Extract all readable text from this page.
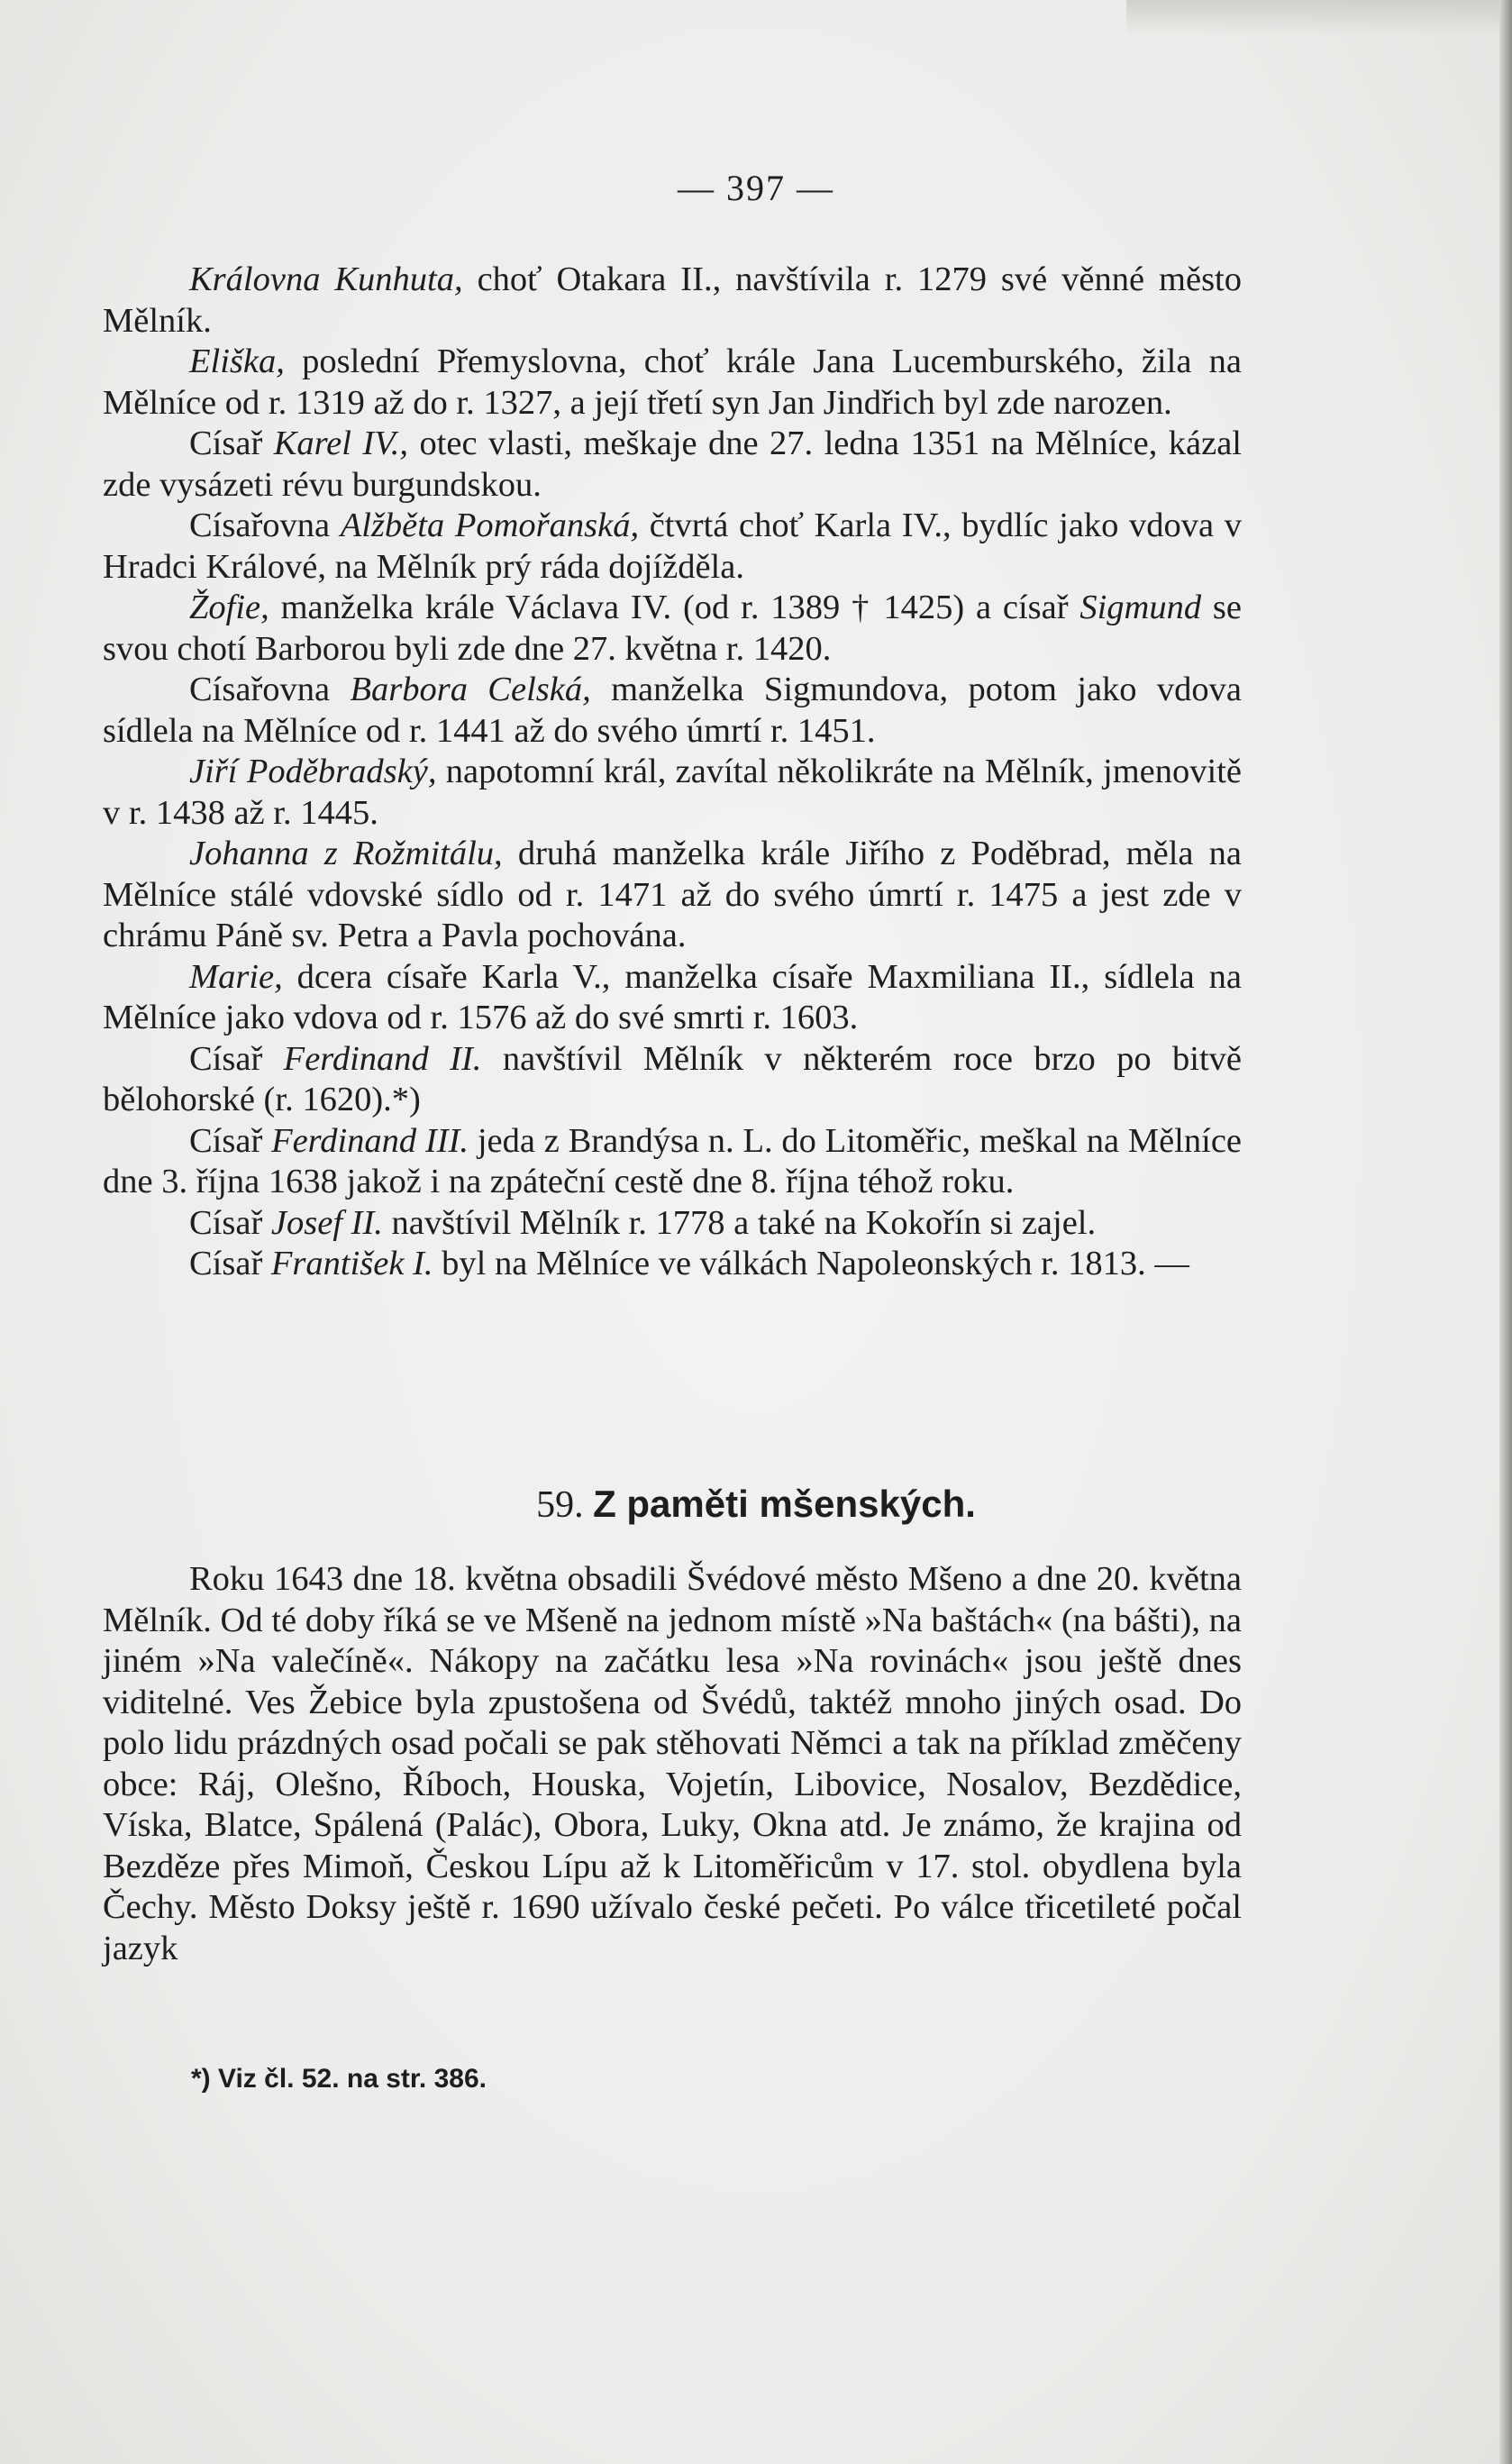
— 397 —

Královna Kunhuta, choť Otakara II., navštívila r. 1279 své věnné město Mělník.

Eliška, poslední Přemyslovna, choť krále Jana Lucemburského, žila na Mělníce od r. 1319 až do r. 1327, a její třetí syn Jan Jindřich byl zde narozen.

Císař Karel IV., otec vlasti, meškaje dne 27. ledna 1351 na Mělníce, kázal zde vysázeti révu burgundskou.

Císařovna Alžběta Pomořanská, čtvrtá choť Karla IV., bydlíc jako vdova v Hradci Králové, na Mělník prý ráda dojížděla.

Žofie, manželka krále Václava IV. (od r. 1389 † 1425) a císař Sigmund se svou chotí Barborou byli zde dne 27. května r. 1420.

Císařovna Barbora Celská, manželka Sigmundova, potom jako vdova sídlela na Mělníce od r. 1441 až do svého úmrtí r. 1451.

Jiří Poděbradský, napotomní král, zavítal několikráte na Mělník, jmenovitě v r. 1438 až r. 1445.

Johanna z Rožmitálu, druhá manželka krále Jiřího z Poděbrad, měla na Mělníce stálé vdovské sídlo od r. 1471 až do svého úmrtí r. 1475 a jest zde v chrámu Páně sv. Petra a Pavla pochována.

Marie, dcera císaře Karla V., manželka císaře Maxmiliana II., sídlela na Mělníce jako vdova od r. 1576 až do své smrti r. 1603.

Císař Ferdinand II. navštívil Mělník v některém roce brzo po bitvě bělohorské (r. 1620).*)

Císař Ferdinand III. jeda z Brandýsa n. L. do Litoměřic, meškal na Mělníce dne 3. října 1638 jakož i na zpáteční cestě dne 8. října téhož roku.

Císař Josef II. navštívil Mělník r. 1778 a také na Kokořín si zajel.

Císař František I. byl na Mělníce ve válkách Napoleonských r. 1813. —

59. Z paměti mšenských.

Roku 1643 dne 18. května obsadili Švédové město Mšeno a dne 20. května Mělník. Od té doby říká se ve Mšeně na jednom místě »Na baštách« (na bášti), na jiném »Na valečíně«. Nákopy na začátku lesa »Na rovinách« jsou ještě dnes viditelné. Ves Žebice byla zpustošena od Švédů, taktéž mnoho jiných osad. Do polo lidu prázdných osad počali se pak stěhovati Němci a tak na příklad změčeny obce: Ráj, Olešno, Říboch, Houska, Vojetín, Libovice, Nosalov, Bezdědice, Víska, Blatce, Spálená (Palác), Obora, Luky, Okna atd. Je známo, že krajina od Bezděze přes Mimoň, Českou Lípu až k Litoměřicům v 17. stol. obydlena byla Čechy. Město Doksy ještě r. 1690 užívalo české pečeti. Po válce třicetileté počal jazyk

*) Viz čl. 52. na str. 386.
